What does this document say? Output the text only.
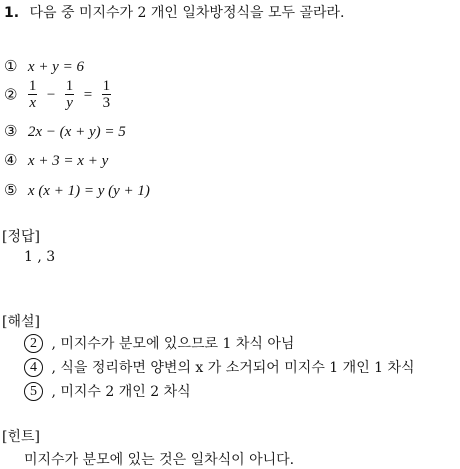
1. 다음 중 미지수가 2 개인 일차방정식을 모두 골라라.
① x + y = 6
② $\frac{1}{x} - \frac{1}{y} = \frac{1}{3}$
③ 2x − (x + y) = 5
④ x + 3 = x + y
⑤ x (x + 1) = y (y + 1)
[정답]
1 , 3
[해설]
2 , 미지수가 분모에 있으므로 1 차식 아님
4 , 식을 정리하면 양변의 x 가 소거되어 미지수 1 개인 1 차식
5 , 미지수 2 개인 2 차식
[힌트]
미지수가 분모에 있는 것은 일차식이 아니다.
